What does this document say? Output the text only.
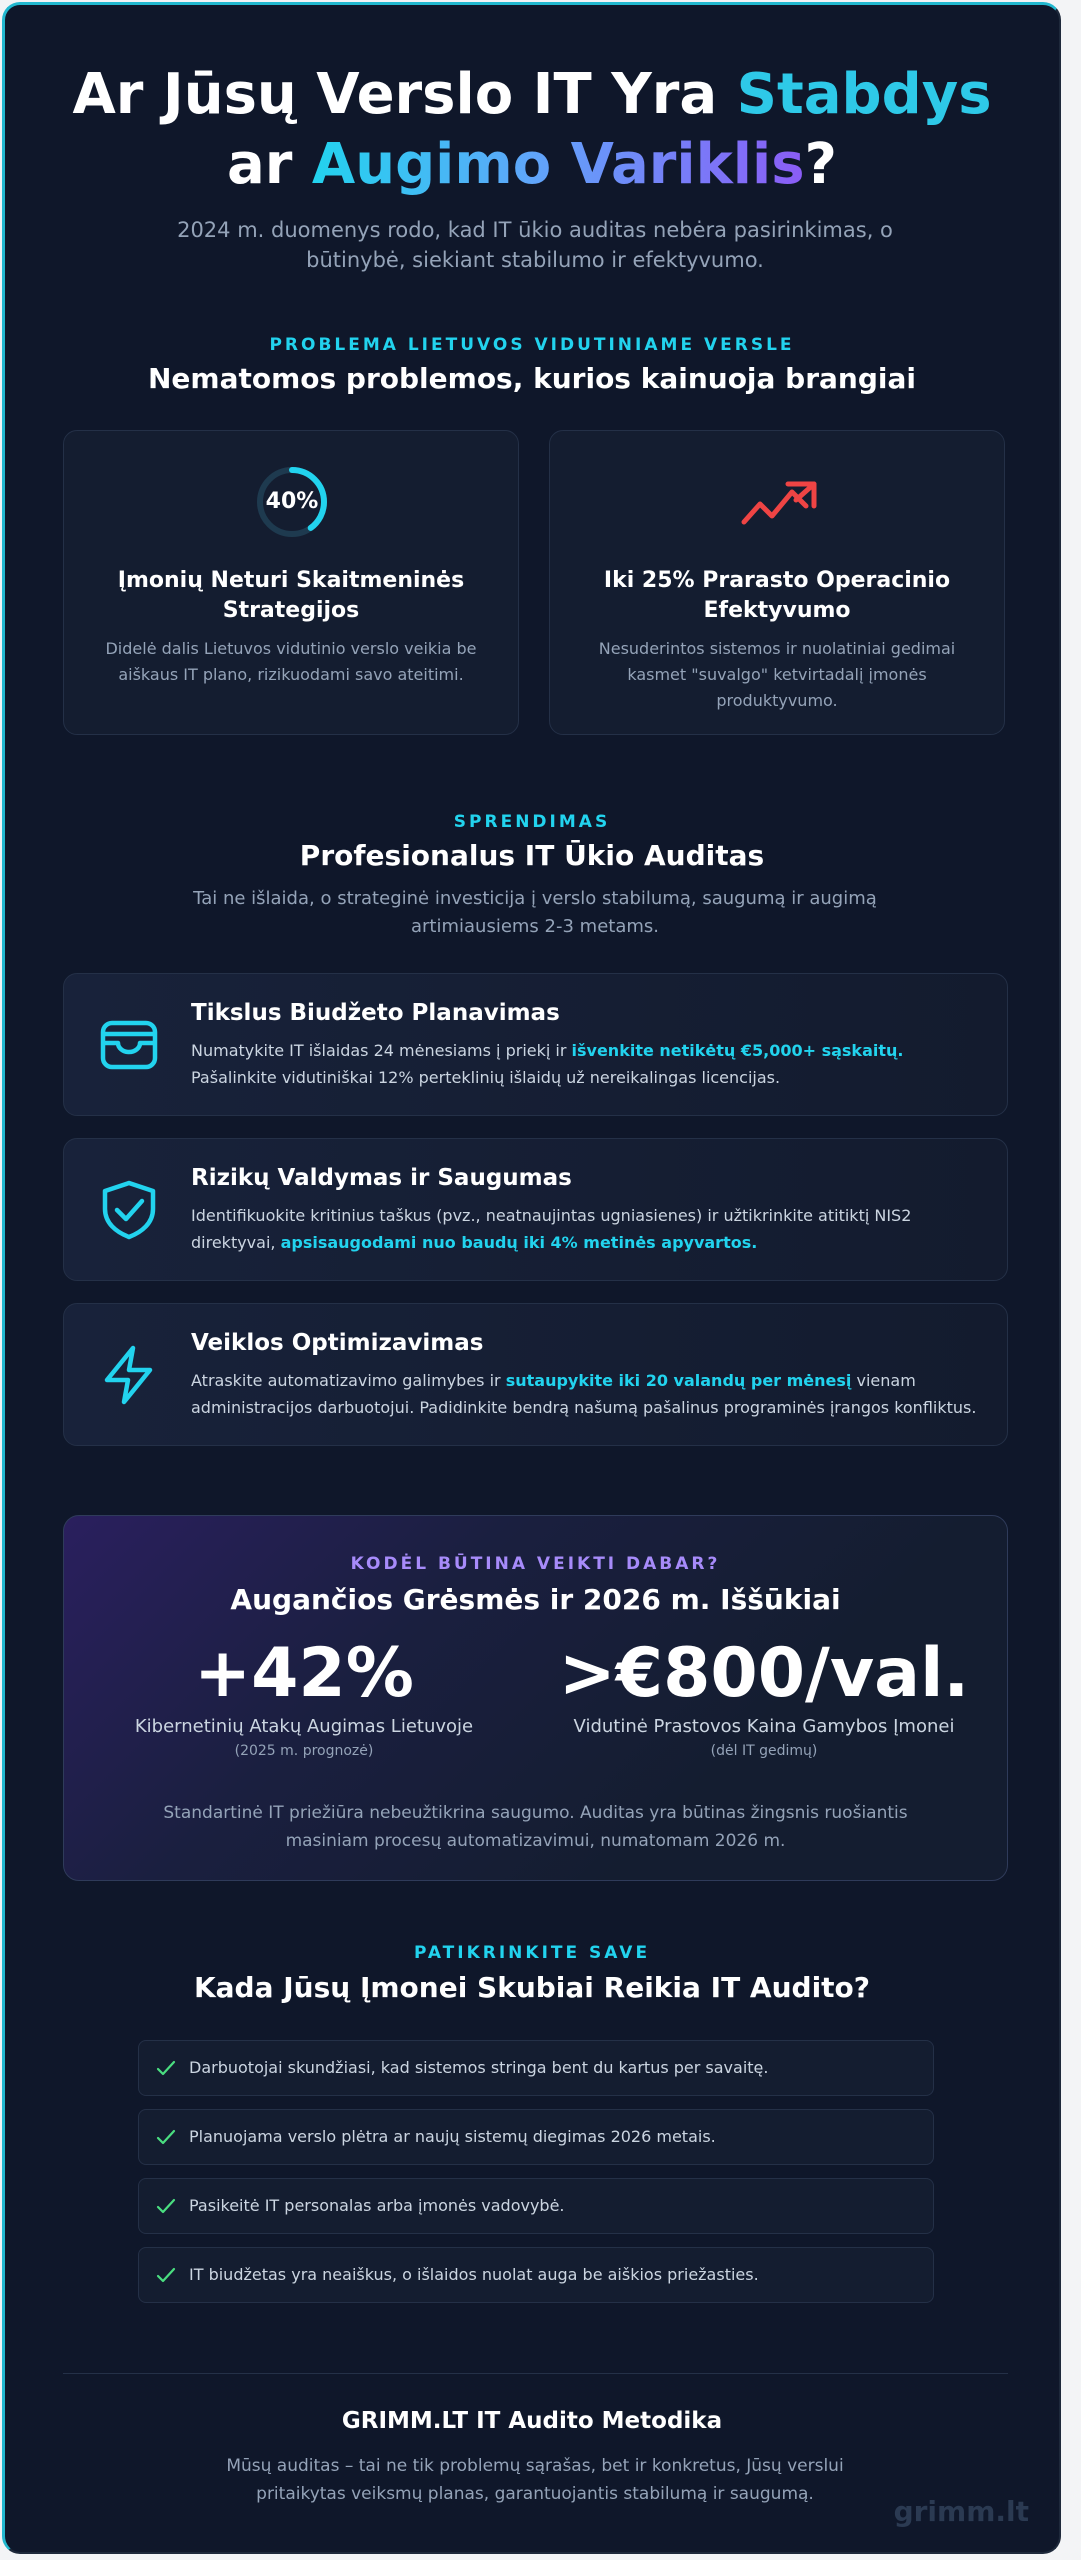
Ar Jūsų Verslo IT Yra Stabdys
ar Augimo Variklis?
2024 m. duomenys rodo, kad IT ūkio auditas nebėra pasirinkimas, o būtinybė, siekiant stabilumo ir efektyvumo.
PROBLEMA LIETUVOS VIDUTINIAME VERSLE
Nematomos problemos, kurios kainuoja brangiai
40%
Įmonių Neturi Skaitmeninės Strategijos
Didelė dalis Lietuvos vidutinio verslo veikia be aiškaus IT plano, rizikuodami savo ateitimi.
Iki 25% Prarasto Operacinio Efektyvumo
Nesuderintos sistemos ir nuolatiniai gedimai kasmet "suvalgo" ketvirtadalį įmonės produktyvumo.
SPRENDIMAS
Profesionalus IT Ūkio Auditas
Tai ne išlaida, o strateginė investicija į verslo stabilumą, saugumą ir augimą artimiausiems 2-3 metams.
Tikslus Biudžeto Planavimas
Numatykite IT išlaidas 24 mėnesiams į priekį ir išvenkite netikėtų €5,000+ sąskaitų. Pašalinkite vidutiniškai 12% perteklinių išlaidų už nereikalingas licencijas.
Rizikų Valdymas ir Saugumas
Identifikuokite kritinius taškus (pvz., neatnaujintas ugniasienes) ir užtikrinkite atitiktį NIS2 direktyvai, apsisaugodami nuo baudų iki 4% metinės apyvartos.
Veiklos Optimizavimas
Atraskite automatizavimo galimybes ir sutaupykite iki 20 valandų per mėnesį vienam administracijos darbuotojui. Padidinkite bendrą našumą pašalinus programinės įrangos konfliktus.
KODĖL BŪTINA VEIKTI DABAR?
Augančios Grėsmės ir 2026 m. Iššūkiai
+42%
Kibernetinių Atakų Augimas Lietuvoje
(2025 m. prognozė)
>€800/val.
Vidutinė Prastovos Kaina Gamybos Įmonei
(dėl IT gedimų)
Standartinė IT priežiūra nebeužtikrina saugumo. Auditas yra būtinas žingsnis ruošiantis masiniam procesų automatizavimui, numatomam 2026 m.
PATIKRINKITE SAVE
Kada Jūsų Įmonei Skubiai Reikia IT Audito?
Darbuotojai skundžiasi, kad sistemos stringa bent du kartus per savaitę.
Planuojama verslo plėtra ar naujų sistemų diegimas 2026 metais.
Pasikeitė IT personalas arba įmonės vadovybė.
IT biudžetas yra neaiškus, o išlaidos nuolat auga be aiškios priežasties.
GRIMM.LT IT Audito Metodika
Mūsų auditas – tai ne tik problemų sąrašas, bet ir konkretus, Jūsų verslui pritaikytas veiksmų planas, garantuojantis stabilumą ir saugumą.
grimm.lt
